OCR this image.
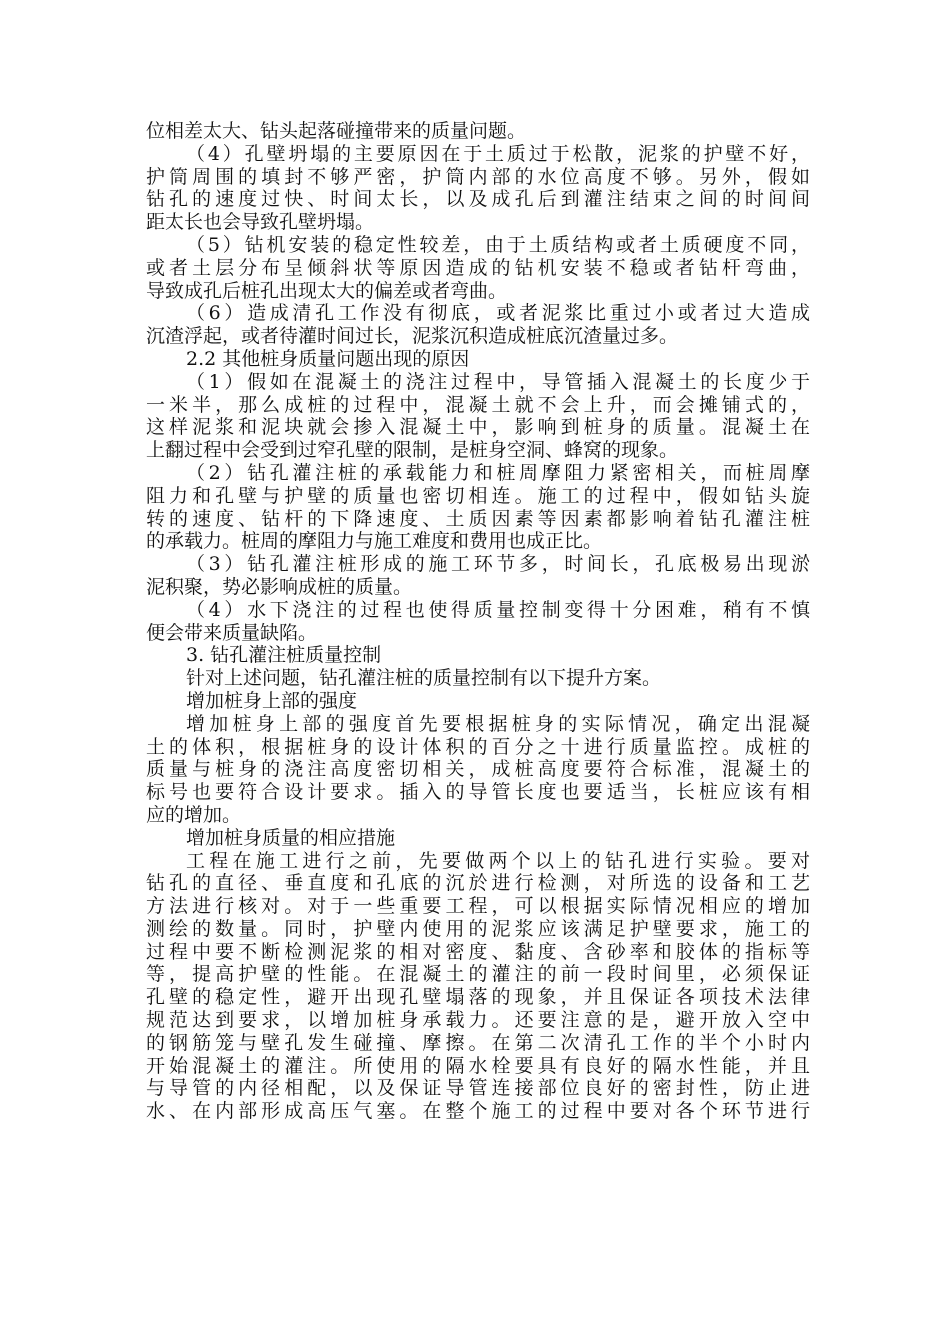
位相差太大、钻头起落碰撞带来的质量问题。
（4）孔壁坍塌的主要原因在于土质过于松散，泥浆的护壁不好，
护筒周围的填封不够严密，护筒内部的水位高度不够。另外，假如
钻孔的速度过快、时间太长，以及成孔后到灌注结束之间的时间间
距太长也会导致孔壁坍塌。
（5）钻机安装的稳定性较差，由于土质结构或者土质硬度不同，
或者土层分布呈倾斜状等原因造成的钻机安装不稳或者钻杆弯曲，
导致成孔后桩孔出现太大的偏差或者弯曲。
（6）造成清孔工作没有彻底，或者泥浆比重过小或者过大造成
沉渣浮起，或者待灌时间过长，泥浆沉积造成桩底沉渣量过多。
2.2 其他桩身质量问题出现的原因
（1）假如在混凝土的浇注过程中，导管插入混凝土的长度少于
一米半，那么成桩的过程中，混凝土就不会上升，而会摊铺式的，
这样泥浆和泥块就会掺入混凝土中，影响到桩身的质量。混凝土在
上翻过程中会受到过窄孔壁的限制，是桩身空洞、蜂窝的现象。
（2）钻孔灌注桩的承载能力和桩周摩阻力紧密相关，而桩周摩
阻力和孔壁与护壁的质量也密切相连。施工的过程中，假如钻头旋
转的速度、钻杆的下降速度、土质因素等因素都影响着钻孔灌注桩
的承载力。桩周的摩阻力与施工难度和费用也成正比。
（3）钻孔灌注桩形成的施工环节多，时间长，孔底极易出现淤
泥积聚，势必影响成桩的质量。
（4）水下浇注的过程也使得质量控制变得十分困难，稍有不慎
便会带来质量缺陷。
3. 钻孔灌注桩质量控制
针对上述问题，钻孔灌注桩的质量控制有以下提升方案。
增加桩身上部的强度
增加桩身上部的强度首先要根据桩身的实际情况，确定出混凝
土的体积，根据桩身的设计体积的百分之十进行质量监控。成桩的
质量与桩身的浇注高度密切相关，成桩高度要符合标准，混凝土的
标号也要符合设计要求。插入的导管长度也要适当，长桩应该有相
应的增加。
增加桩身质量的相应措施
工程在施工进行之前，先要做两个以上的钻孔进行实验。要对
钻孔的直径、垂直度和孔底的沉於进行检测，对所选的设备和工艺
方法进行核对。对于一些重要工程，可以根据实际情况相应的增加
测绘的数量。同时，护壁内使用的泥浆应该满足护壁要求，施工的
过程中要不断检测泥浆的相对密度、黏度、含砂率和胶体的指标等
等，提高护壁的性能。在混凝土的灌注的前一段时间里，必须保证
孔壁的稳定性，避开出现孔壁塌落的现象，并且保证各项技术法律
规范达到要求，以增加桩身承载力。还要注意的是，避开放入空中
的钢筋笼与壁孔发生碰撞、摩擦。在第二次清孔工作的半个小时内
开始混凝土的灌注。所使用的隔水栓要具有良好的隔水性能，并且
与导管的内径相配，以及保证导管连接部位良好的密封性，防止进
水、在内部形成高压气塞。在整个施工的过程中要对各个环节进行
